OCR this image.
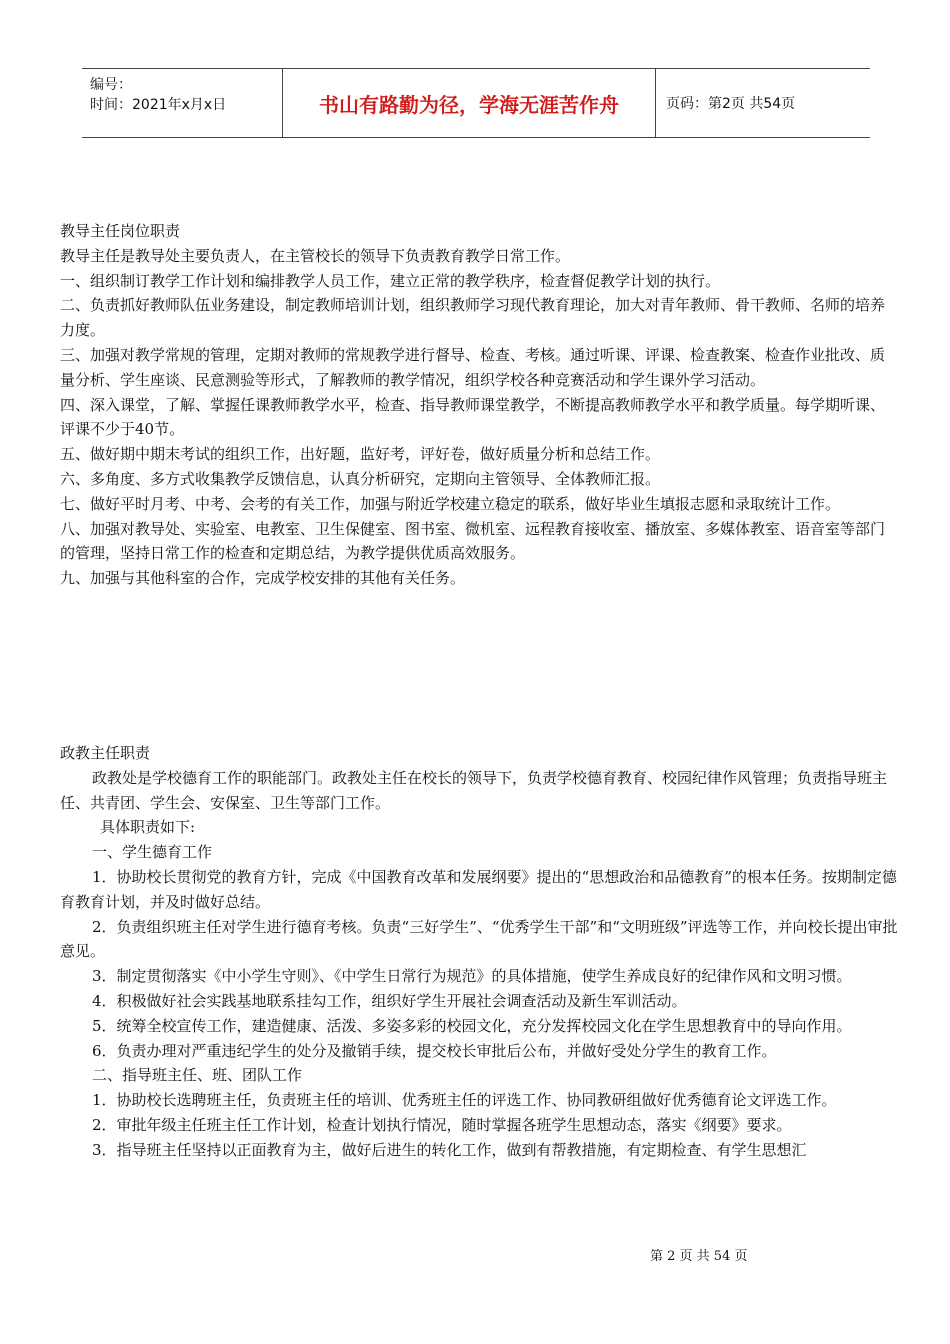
编号：
时间：2021年x月x日	书山有路勤为径，学海无涯苦作舟	页码：第2页 共54页

教导主任岗位职责

教导主任是教导处主要负责人，在主管校长的领导下负责教育教学日常工作。

一、组织制订教学工作计划和编排教学人员工作，建立正常的教学秩序，检查督促教学计划的执行。

二、负责抓好教师队伍业务建设，制定教师培训计划，组织教师学习现代教育理论，加大对青年教师、骨干教师、名师的培养力度。

三、加强对教学常规的管理，定期对教师的常规教学进行督导、检查、考核。通过听课、评课、检查教案、检查作业批改、质量分析、学生座谈、民意测验等形式，了解教师的教学情况，组织学校各种竞赛活动和学生课外学习活动。

四、深入课堂，了解、掌握任课教师教学水平，检查、指导教师课堂教学，不断提高教师教学水平和教学质量。每学期听课、评课不少于40节。

五、做好期中期末考试的组织工作，出好题，监好考，评好卷，做好质量分析和总结工作。

六、多角度、多方式收集教学反馈信息，认真分析研究，定期向主管领导、全体教师汇报。

七、做好平时月考、中考、会考的有关工作，加强与附近学校建立稳定的联系，做好毕业生填报志愿和录取统计工作。

八、加强对教导处、实验室、电教室、卫生保健室、图书室、微机室、远程教育接收室、播放室、多媒体教室、语音室等部门的管理，坚持日常工作的检查和定期总结，为教学提供优质高效服务。

九、加强与其他科室的合作，完成学校安排的其他有关任务。

政教主任职责

政教处是学校德育工作的职能部门。政教处主任在校长的领导下，负责学校德育教育、校园纪律作风管理；负责指导班主任、共青团、学生会、安保室、卫生等部门工作。

具体职责如下:

一、学生德育工作

1．协助校长贯彻党的教育方针，完成《中国教育改革和发展纲要》提出的“思想政治和品德教育”的根本任务。按期制定德育教育计划，并及时做好总结。

2．负责组织班主任对学生进行德育考核。负责“三好学生”、“优秀学生干部”和“文明班级”评选等工作，并向校长提出审批意见。

3．制定贯彻落实《中小学生守则》、《中学生日常行为规范》的具体措施，使学生养成良好的纪律作风和文明习惯。

4．积极做好社会实践基地联系挂勾工作，组织好学生开展社会调查活动及新生军训活动。

5．统筹全校宣传工作，建造健康、活泼、多姿多彩的校园文化，充分发挥校园文化在学生思想教育中的导向作用。

6．负责办理对严重违纪学生的处分及撤销手续，提交校长审批后公布，并做好受处分学生的教育工作。

二、指导班主任、班、团队工作

1．协助校长选聘班主任，负责班主任的培训、优秀班主任的评选工作、协同教研组做好优秀德育论文评选工作。

2．审批年级主任班主任工作计划，检查计划执行情况，随时掌握各班学生思想动态，落实《纲要》要求。

3．指导班主任坚持以正面教育为主，做好后进生的转化工作，做到有帮教措施，有定期检查、有学生思想汇

第 2 页 共 54 页
